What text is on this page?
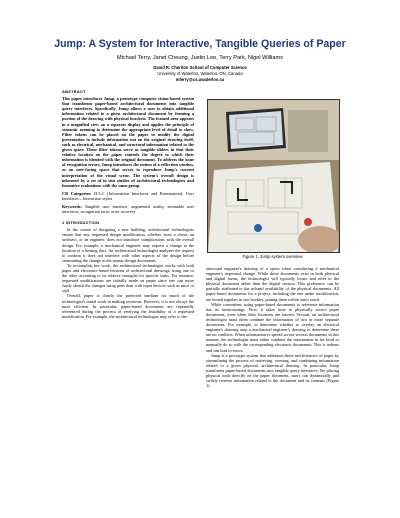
Jump: A System for Interactive, Tangible Queries of Paper
Michael Terry, Janet Cheung, Justin Lee, Terry Park, Nigel Williams
David R. Cheriton School of Computer Science
University of Waterloo, Waterloo, ON, Canada
mterry@cs.uwaterloo.ca
ABSTRACT

This paper introduces Jump, a prototype computer vision-based system that transforms paper-based architectural documents into tangible query interfaces. Specifically, Jump allows a user to obtain additional information related to a given architectural document by framing a portion of the drawing with physical brackets. The framed area appears in a magnified view on a separate display and applies the principle of semantic zooming to determine the appropriate level of detail to show. Filter tokens can be placed on the paper to modify the digital presentation to include information not on the original drawing itself, such as electrical, mechanical, and structural information related to the given space. These filter tokens serve as tangible sliders in that their relative location on the paper controls the degree to which their information is blended with the original document. To address the issue of recognition errors, Jump introduces the notion of a reflection window, or an user-facing space that serves to reproduce Jump's current interpretation of the visual scene. The system's overall design is informed by a set of in situ studies of architectural technologists and formative evaluations with the same group.

CR Categories: H.5.2. [Information Interfaces and Presentation]: User Interfaces – Interaction styles

Keywords: Tangible user interface, augmented reality, zoomable user interfaces, recognition error, error recovery

1 INTRODUCTION

In the course of designing a new building, architectural technologists ensure that any requested design modification, whether from a client, an architect, or an engineer, does not introduce complications with the overall design. For example, a mechanical engineer may request a change to the location of a heating duct. An architectural technologist analyzes the request to confirm it does not interfere with other aspects of the design before committing the change to the master design documents.

To accomplish her work, the architectural technologist works with both paper and electronic-based versions of architectural drawings, using one or the other according to its relative strengths for specific tasks. For instance, requested modifications are initially made on paper since one can more easily sketch the changes using pens than with input devices such as mice or styli.

Overall, paper is clearly the preferred medium for much of the technologist's initial work in making revisions. However, it is not always the most efficient. In particular, paper-based documents are repeatedly referenced during the process of verifying the feasibility of a requested modification. For example, the architectural technologist may refer to the

Figure 1. Jump system overview

structural engineer's drawing of a space when considering a mechanical engineer's requested change. While these documents exist in both physical and digital forms, the technologist will typically locate and refer to the physical document rather than the digital version. This preference can be partially attributed to the at-hand availability of the physical documents. All paper-based documents for a project, including the one under modification, are bound together in one booklet, putting them within arm's reach.

While convenient, using paper-based documents to reference information has its shortcomings. First, it takes time to physically access paper documents, even when their locations are known. Second, an architectural technologist must often combine the information of two or more separate documents. For example, to determine whether to overlay an electrical engineer's drawing atop a mechanical engineer's drawing to determine there are no conflicts. When information is spread across several documents in this manner, the technologist must either combine the information in his head or manually do so with the corresponding electronic documents. This is tedious and can lead to errors.

Jump is a prototype system that addresses these inefficiencies of paper by streamlining the process of retrieving, viewing, and combining information related to a given physical, architectural drawing. In particular, Jump transforms paper-based documents into tangible query interfaces: By placing physical tools directly on the paper document, users can dynamically and swiftly retrieve information related to the document and its contents (Figure 1).
